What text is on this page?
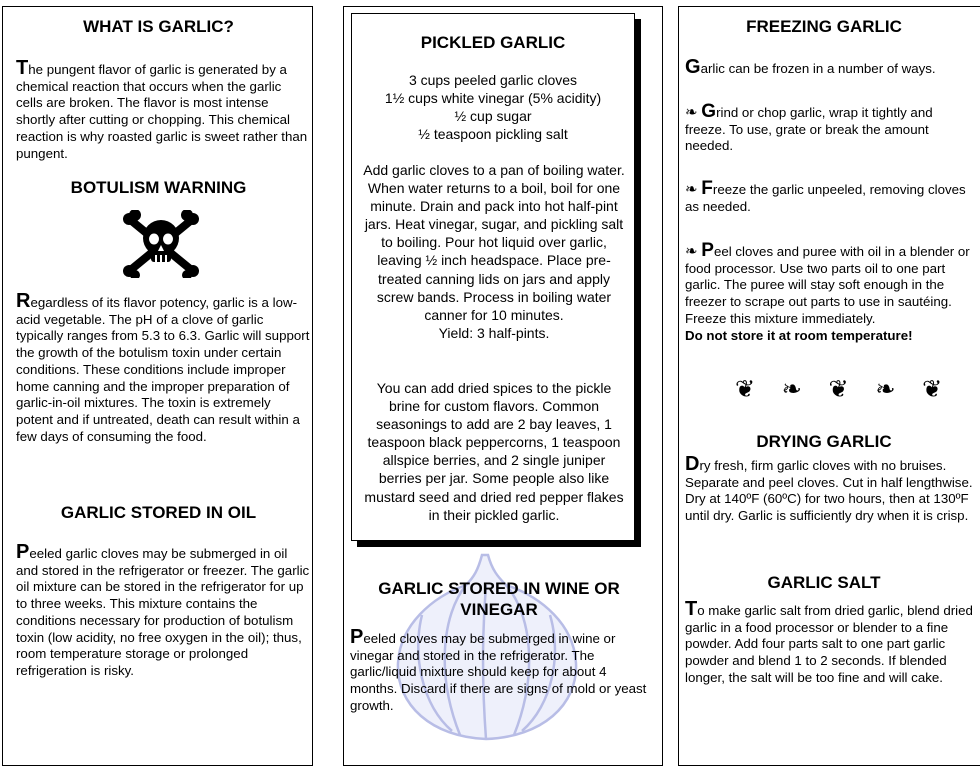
WHAT IS GARLIC?

The pungent flavor of garlic is generated by a chemical reaction that occurs when the garlic cells are broken. The flavor is most intense shortly after cutting or chopping. This chemical reaction is why roasted garlic is sweet rather than pungent.

BOTULISM WARNING

Regardless of its flavor potency, garlic is a low-acid vegetable. The pH of a clove of garlic typically ranges from 5.3 to 6.3. Garlic will support the growth of the botulism toxin under certain conditions. These conditions include improper home canning and the improper preparation of garlic-in-oil mixtures. The toxin is extremely potent and if untreated, death can result within a few days of consuming the food.

GARLIC STORED IN OIL

Peeled garlic cloves may be submerged in oil and stored in the refrigerator or freezer. The garlic oil mixture can be stored in the refrigerator for up to three weeks. This mixture contains the conditions necessary for production of botulism toxin (low acidity, no free oxygen in the oil); thus, room temperature storage or prolonged refrigeration is risky.

PICKLED GARLIC

3 cups peeled garlic cloves
1½ cups white vinegar (5% acidity)
½ cup sugar
½ teaspoon pickling salt

Add garlic cloves to a pan of boiling water. When water returns to a boil, boil for one minute. Drain and pack into hot half-pint jars. Heat vinegar, sugar, and pickling salt to boiling. Pour hot liquid over garlic, leaving ½ inch headspace. Place pre-treated canning lids on jars and apply screw bands. Process in boiling water canner for 10 minutes.
Yield: 3 half-pints.

You can add dried spices to the pickle brine for custom flavors. Common seasonings to add are 2 bay leaves, 1 teaspoon black peppercorns, 1 teaspoon allspice berries, and 2 single juniper berries per jar. Some people also like mustard seed and dried red pepper flakes in their pickled garlic.

GARLIC STORED IN WINE OR VINEGAR

Peeled cloves may be submerged in wine or vinegar and stored in the refrigerator. The garlic/liquid mixture should keep for about 4 months. Discard if there are signs of mold or yeast growth.

FREEZING GARLIC

Garlic can be frozen in a number of ways.

❧ Grind or chop garlic, wrap it tightly and freeze. To use, grate or break the amount needed.

❧ Freeze the garlic unpeeled, removing cloves as needed.

❧ Peel cloves and puree with oil in a blender or food processor. Use two parts oil to one part garlic. The puree will stay soft enough in the freezer to scrape out parts to use in sautéing. Freeze this mixture immediately.
Do not store it at room temperature!

❦ ❧ ❦ ❧ ❦
DRYING GARLIC

Dry fresh, firm garlic cloves with no bruises. Separate and peel cloves. Cut in half lengthwise. Dry at 140ºF (60ºC) for two hours, then at 130ºF until dry. Garlic is sufficiently dry when it is crisp.

GARLIC SALT

To make garlic salt from dried garlic, blend dried garlic in a food processor or blender to a fine powder. Add four parts salt to one part garlic powder and blend 1 to 2 seconds. If blended longer, the salt will be too fine and will cake.
